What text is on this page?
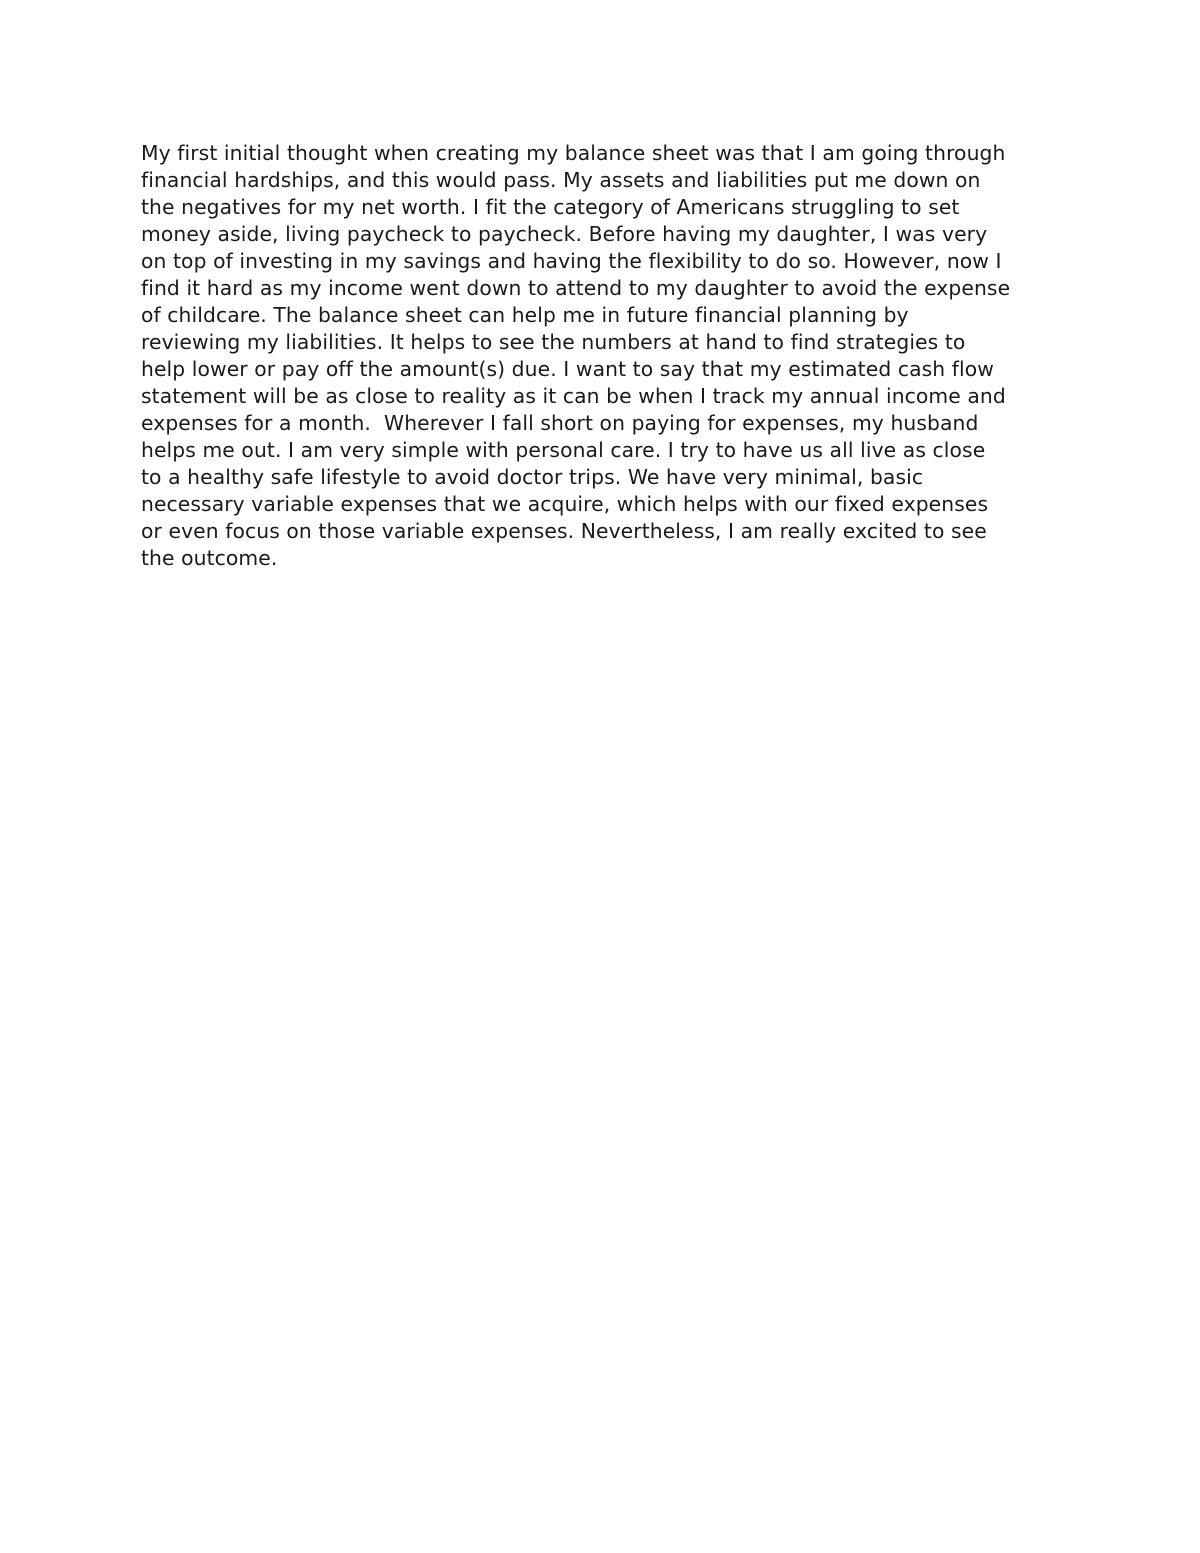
My first initial thought when creating my balance sheet was that I am going through
financial hardships, and this would pass. My assets and liabilities put me down on
the negatives for my net worth. I fit the category of Americans struggling to set
money aside, living paycheck to paycheck. Before having my daughter, I was very
on top of investing in my savings and having the flexibility to do so. However, now I
find it hard as my income went down to attend to my daughter to avoid the expense
of childcare. The balance sheet can help me in future financial planning by
reviewing my liabilities. It helps to see the numbers at hand to find strategies to
help lower or pay off the amount(s) due. I want to say that my estimated cash flow
statement will be as close to reality as it can be when I track my annual income and
expenses for a month.  Wherever I fall short on paying for expenses, my husband
helps me out. I am very simple with personal care. I try to have us all live as close
to a healthy safe lifestyle to avoid doctor trips. We have very minimal, basic
necessary variable expenses that we acquire, which helps with our fixed expenses
or even focus on those variable expenses. Nevertheless, I am really excited to see
the outcome.
